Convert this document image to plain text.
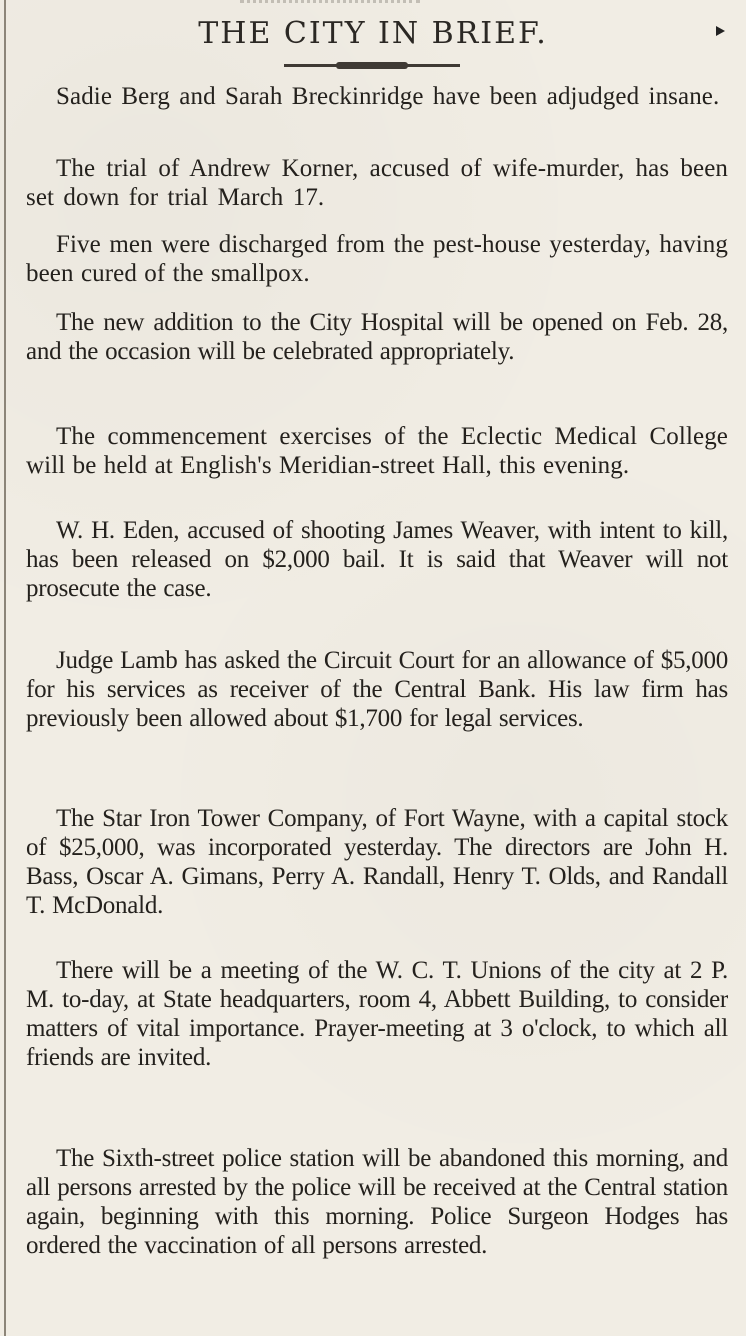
THE CITY IN BRIEF.

Sadie Berg and Sarah Breckinridge have been adjudged insane.

The trial of Andrew Korner, accused of wife-murder, has been set down for trial March 17.

Five men were discharged from the pest-house yesterday, having been cured of the smallpox.

The new addition to the City Hospital will be opened on Feb. 28, and the occasion will be celebrated appropriately.

The commencement exercises of the Eclectic Medical College will be held at English's Meridian-street Hall, this evening.

W. H. Eden, accused of shooting James Weaver, with intent to kill, has been released on $2,000 bail. It is said that Weaver will not prosecute the case.

Judge Lamb has asked the Circuit Court for an allowance of $5,000 for his services as receiver of the Central Bank. His law firm has previously been allowed about $1,700 for legal services.

The Star Iron Tower Company, of Fort Wayne, with a capital stock of $25,000, was incorporated yesterday. The directors are John H. Bass, Oscar A. Gimans, Perry A. Randall, Henry T. Olds, and Randall T. McDonald.

There will be a meeting of the W. C. T. Unions of the city at 2 P. M. to-day, at State headquarters, room 4, Abbett Building, to consider matters of vital importance. Prayer-meeting at 3 o'clock, to which all friends are invited.

The Sixth-street police station will be abandoned this morning, and all persons arrested by the police will be received at the Central station again, beginning with this morning. Police Surgeon Hodges has ordered the vaccination of all persons arrested.
